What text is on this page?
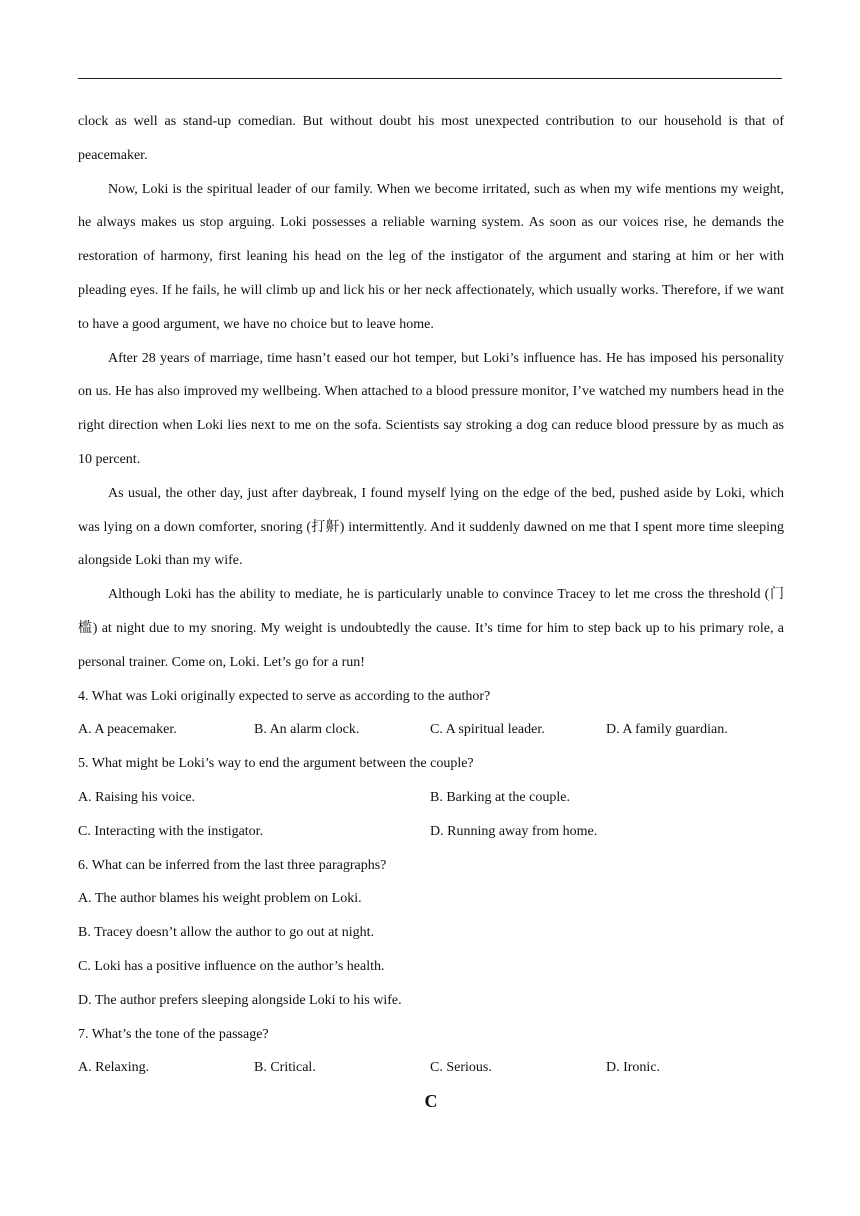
clock as well as stand-up comedian. But without doubt his most unexpected contribution to our household is that of peacemaker.

Now, Loki is the spiritual leader of our family. When we become irritated, such as when my wife mentions my weight, he always makes us stop arguing. Loki possesses a reliable warning system. As soon as our voices rise, he demands the restoration of harmony, first leaning his head on the leg of the instigator of the argument and staring at him or her with pleading eyes. If he fails, he will climb up and lick his or her neck affectionately, which usually works. Therefore, if we want to have a good argument, we have no choice but to leave home.

After 28 years of marriage, time hasn’t eased our hot temper, but Loki’s influence has. He has imposed his personality on us. He has also improved my wellbeing. When attached to a blood pressure monitor, I’ve watched my numbers head in the right direction when Loki lies next to me on the sofa. Scientists say stroking a dog can reduce blood pressure by as much as 10 percent.

As usual, the other day, just after daybreak, I found myself lying on the edge of the bed, pushed aside by Loki, which was lying on a down comforter, snoring (打鼾) intermittently. And it suddenly dawned on me that I spent more time sleeping alongside Loki than my wife.

Although Loki has the ability to mediate, he is particularly unable to convince Tracey to let me cross the threshold (门槛) at night due to my snoring. My weight is undoubtedly the cause. It’s time for him to step back up to his primary role, a personal trainer. Come on, Loki. Let’s go for a run!

4. What was Loki originally expected to serve as according to the author?

A. A peacemaker.	B. An alarm clock.	C. A spiritual leader.	D. A family guardian.

5. What might be Loki’s way to end the argument between the couple?

A. Raising his voice.	B. Barking at the couple.
C. Interacting with the instigator.	D. Running away from home.

6. What can be inferred from the last three paragraphs?

A. The author blames his weight problem on Loki.

B. Tracey doesn’t allow the author to go out at night.

C. Loki has a positive influence on the author’s health.

D. The author prefers sleeping alongside Loki to his wife.

7. What’s the tone of the passage?

A. Relaxing.	B. Critical.	C. Serious.	D. Ironic.

C
